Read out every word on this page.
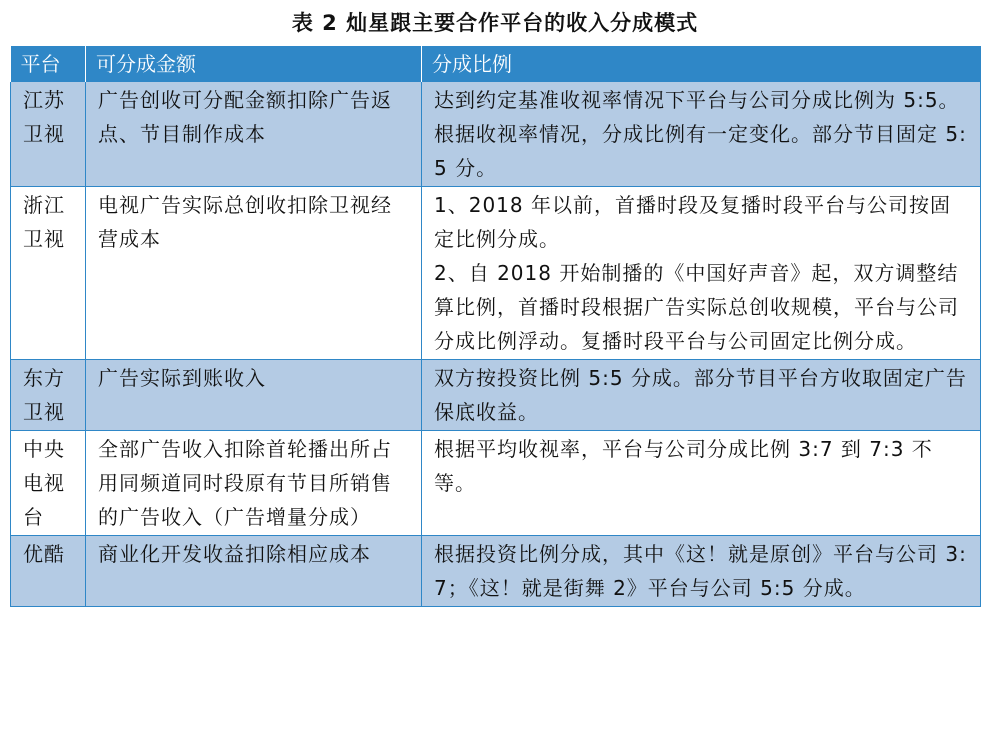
表 2 灿星跟主要合作平台的收入分成模式
平台	可分成金额	分成比例
江苏卫视	广告创收可分配金额扣除广告返点、节目制作成本	达到约定基准收视率情况下平台与公司分成比例为 5:5。根据收视率情况，分成比例有一定变化。部分节目固定 5:5 分。

浙江卫视	电视广告实际总创收扣除卫视经营成本	1、2018 年以前，首播时段及复播时段平台与公司按固定比例分成。
2、自 2018 开始制播的《中国好声音》起，双方调整结算比例，首播时段根据广告实际总创收规模，平台与公司分成比例浮动。复播时段平台与公司固定比例分成。

东方卫视	广告实际到账收入	双方按投资比例 5:5 分成。部分节目平台方收取固定广告保底收益。

中央电视台	全部广告收入扣除首轮播出所占用同频道同时段原有节目所销售的广告收入（广告增量分成）	根据平均收视率，平台与公司分成比例 3:7 到 7:3 不等。

优酷	商业化开发收益扣除相应成本	根据投资比例分成，其中《这！就是原创》平台与公司 3:7；《这！就是街舞 2》平台与公司 5:5 分成。
